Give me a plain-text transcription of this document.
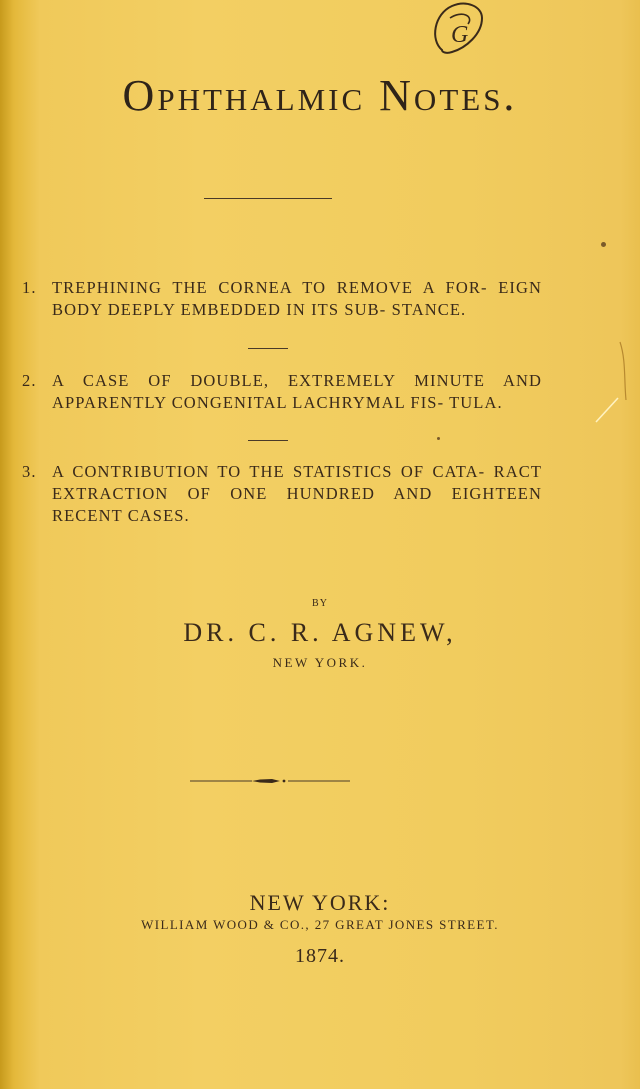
G
Ophthalmic Notes.
1. TREPHINING THE CORNEA TO REMOVE A FOR- EIGN BODY DEEPLY EMBEDDED IN ITS SUB- STANCE.
2. A CASE OF DOUBLE, EXTREMELY MINUTE AND APPARENTLY CONGENITAL LACHRYMAL FIS- TULA.
3. A CONTRIBUTION TO THE STATISTICS OF CATA- RACT EXTRACTION OF ONE HUNDRED AND EIGHTEEN RECENT CASES.
BY
DR. C. R. AGNEW,
NEW YORK.
NEW YORK:
WILLIAM WOOD & CO., 27 GREAT JONES STREET.
1874.
